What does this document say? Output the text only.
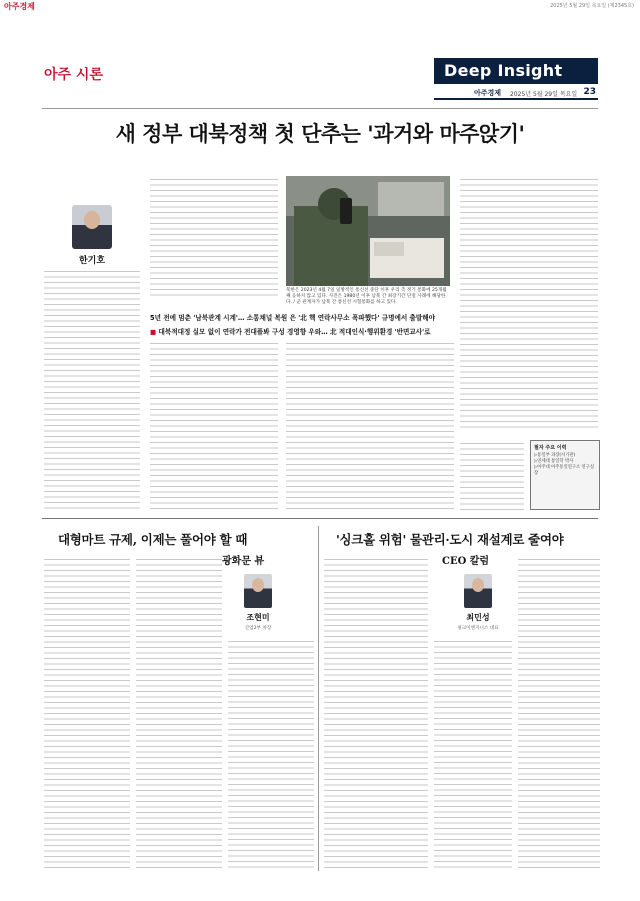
아주경제	2025년 5월 29일 목요일 (제2345호)
아주 시론	Deep Insight
아주경제 2025년 5월 29일 목요일 23
새 정부 대북정책 첫 단추는 '과거와 마주앉기'
한기호
북한은 2023년 4월 7일 일방적인 통신선 중단 이후 우리 측 정기 통화에 25개월째 응하지 않고 있다. 사진은 1980년 이후 남북 간 최장기간 단절 사례에 해당한다. / 군 관계자가 남북 간 통신선 시험통화를 하고 있다.
5년 전에 멈춘 '남북관계 시계'… 소통채널 복원 은 '北 핵 연락사무소 폭파했다' 규명에서 출발해야
■ 대북적대정 실모 없이 연락가 전대플봐 구성 경영향 우와… 北 적대인식·행위환경 '반면교사'로
필자 주요 이력
▷통일부 과장(서기관)
▷연세대 통일학 박사
▷아주대 아주통일연구소 연구실장
대형마트 규제, 이제는 풀어야 할 때
광화문 뷰
조현미
산업2부 차장
'싱크홀 위험' 물관리·도시 재설계로 줄여야
CEO 칼럼
최민성
핑크이엔지니스 대표
